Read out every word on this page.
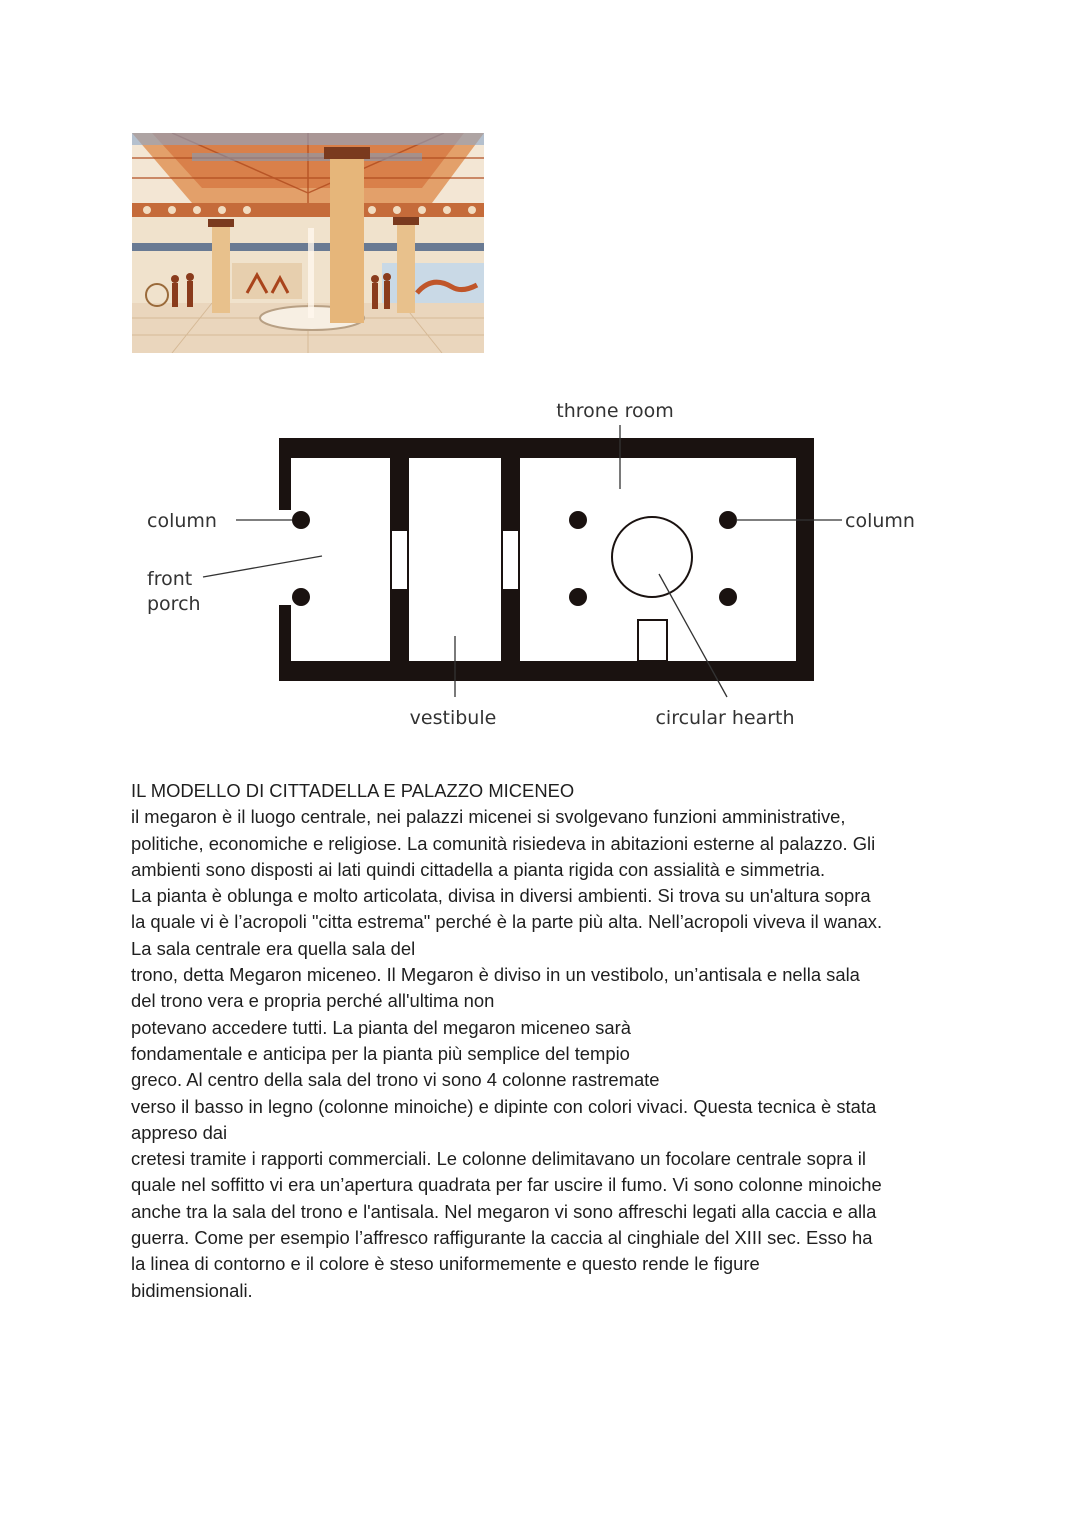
throne room
column
front
porch
column
vestibule	circular hearth

IL MODELLO DI CITTADELLA E PALAZZO MICENEO

il megaron è il luogo centrale, nei palazzi micenei si svolgevano funzioni amministrative,

politiche, economiche e religiose. La comunità risiedeva in abitazioni esterne al palazzo. Gli

ambienti sono disposti ai lati quindi cittadella a pianta rigida con assialità e simmetria.

La pianta è oblunga e molto articolata, divisa in diversi ambienti. Si trova su un'altura sopra

la quale vi è l’acropoli "citta estrema" perché è la parte più alta. Nell’acropoli viveva il wanax.

La sala centrale era quella sala del

trono, detta Megaron miceneo. Il Megaron è diviso in un vestibolo, un’antisala e nella sala

del trono vera e propria perché all'ultima non

potevano accedere tutti. La pianta del megaron miceneo sarà

fondamentale e anticipa per la pianta più semplice del tempio

greco. Al centro della sala del trono vi sono 4 colonne rastremate

verso il basso in legno (colonne minoiche) e dipinte con colori vivaci. Questa tecnica è stata

appreso dai

cretesi tramite i rapporti commerciali. Le colonne delimitavano un focolare centrale sopra il

quale nel soffitto vi era un’apertura quadrata per far uscire il fumo. Vi sono colonne minoiche

anche tra la sala del trono e l'antisala. Nel megaron vi sono affreschi legati alla caccia e alla

guerra. Come per esempio l’affresco raffigurante la caccia al cinghiale del XIII sec. Esso ha

la linea di contorno e il colore è steso uniformemente e questo rende le figure

bidimensionali.
